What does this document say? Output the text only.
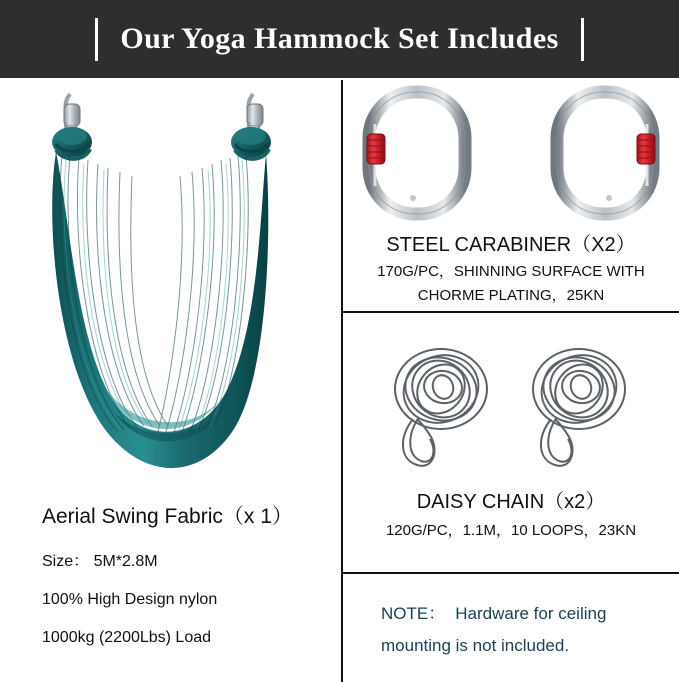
Our Yoga Hammock Set Includes
Aerial Swing Fabric（x 1）
Size： 5M*2.8M
100% High Design nylon
1000kg (2200Lbs) Load
STEEL CARABINER（X2）
170G/PC，SHINNING SURFACE WITH
CHORME PLATING，25KN
DAISY CHAIN（x2）
120G/PC，1.1M，10 LOOPS，23KN
NOTE： Hardware for ceiling
mounting is not included.
